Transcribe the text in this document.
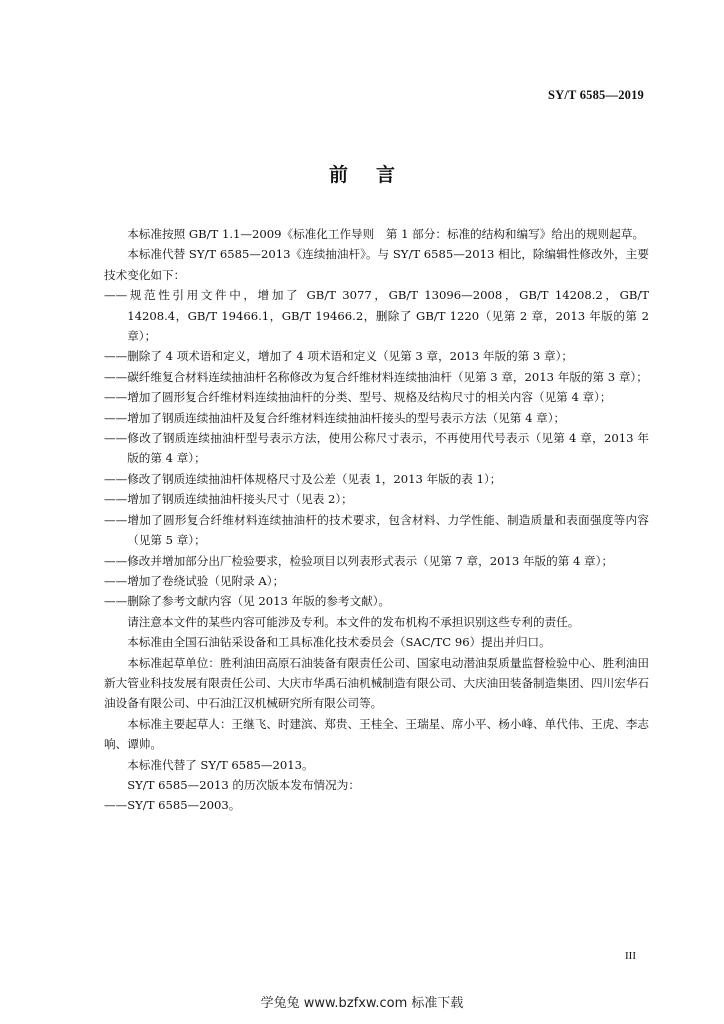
SY/T 6585—2019
前言

本标准按照 GB/T 1.1—2009《标准化工作导则　第 1 部分：标准的结构和编写》给出的规则起草。

本标准代替 SY/T 6585—2013《连续抽油杆》。与 SY/T 6585—2013 相比，除编辑性修改外，主要技术变化如下：

——规范性引用文件中，增加了 GB/T 3077，GB/T 13096—2008，GB/T 14208.2，GB/T 14208.4，GB/T 19466.1，GB/T 19466.2，删除了 GB/T 1220（见第 2 章，2013 年版的第 2 章）；

——删除了 4 项术语和定义，增加了 4 项术语和定义（见第 3 章，2013 年版的第 3 章）；

——碳纤维复合材料连续抽油杆名称修改为复合纤维材料连续抽油杆（见第 3 章，2013 年版的第 3 章）；

——增加了圆形复合纤维材料连续抽油杆的分类、型号、规格及结构尺寸的相关内容（见第 4 章）；

——增加了钢质连续抽油杆及复合纤维材料连续抽油杆接头的型号表示方法（见第 4 章）；

——修改了钢质连续抽油杆型号表示方法，使用公称尺寸表示，不再使用代号表示（见第 4 章，2013 年版的第 4 章）；

——修改了钢质连续抽油杆体规格尺寸及公差（见表 1，2013 年版的表 1）；

——增加了钢质连续抽油杆接头尺寸（见表 2）；

——增加了圆形复合纤维材料连续抽油杆的技术要求，包含材料、力学性能、制造质量和表面强度等内容（见第 5 章）；

——修改并增加部分出厂检验要求，检验项目以列表形式表示（见第 7 章，2013 年版的第 4 章）；

——增加了卷绕试验（见附录 A）；

——删除了参考文献内容（见 2013 年版的参考文献）。

请注意本文件的某些内容可能涉及专利。本文件的发布机构不承担识别这些专利的责任。

本标准由全国石油钻采设备和工具标准化技术委员会（SAC/TC 96）提出并归口。

本标准起草单位：胜利油田高原石油装备有限责任公司、国家电动潜油泵质量监督检验中心、胜利油田新大管业科技发展有限责任公司、大庆市华禹石油机械制造有限公司、大庆油田装备制造集团、四川宏华石油设备有限公司、中石油江汉机械研究所有限公司等。

本标准主要起草人：王继飞、时建滨、郑贵、王桂全、王瑞星、席小平、杨小峰、单代伟、王虎、李志响、谭帅。

本标准代替了 SY/T 6585—2013。

SY/T 6585—2013 的历次版本发布情况为：

——SY/T 6585—2003。

III
学兔兔 www.bzfxw.com 标准下载
